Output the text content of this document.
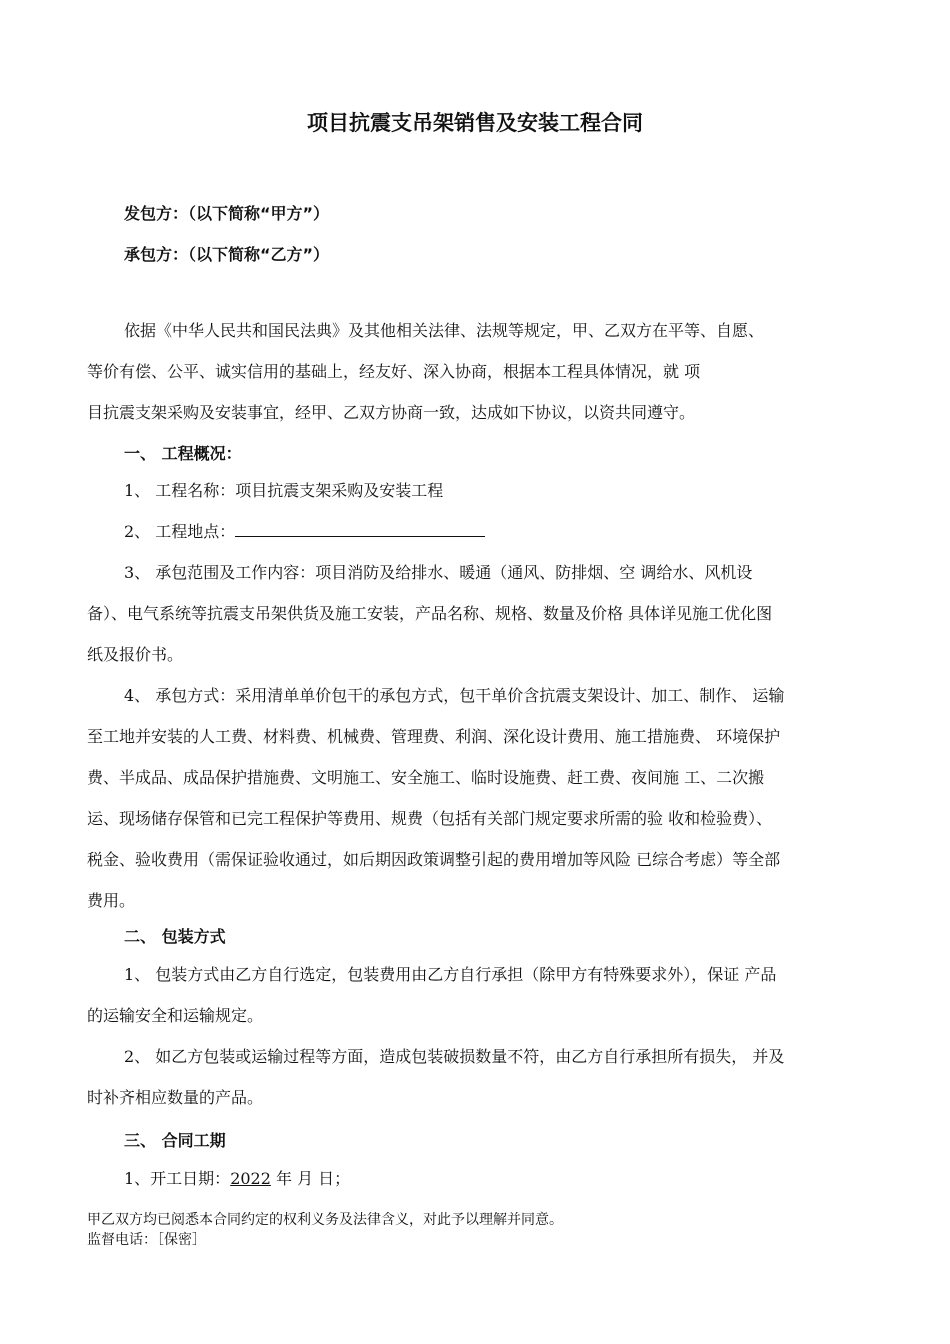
项目抗震支吊架销售及安装工程合同
发包方：（以下简称“甲方”）
承包方：（以下简称“乙方”）
依据《中华人民共和国民法典》及其他相关法律、法规等规定，甲、乙双方在平等、自愿、
等价有偿、公平、诚实信用的基础上，经友好、深入协商，根据本工程具体情况，就 项
目抗震支架采购及安装事宜，经甲、乙双方协商一致，达成如下协议，以资共同遵守。
一、 工程概况：
1、 工程名称：项目抗震支架采购及安装工程
2、 工程地点：
3、 承包范围及工作内容：项目消防及给排水、暖通（通风、防排烟、空 调给水、风机设
备）、电气系统等抗震支吊架供货及施工安装，产品名称、规格、数量及价格 具体详见施工优化图
纸及报价书。
4、 承包方式：采用清单单价包干的承包方式，包干单价含抗震支架设计、加工、制作、 运输
至工地并安装的人工费、材料费、机械费、管理费、利润、深化设计费用、施工措施费、 环境保护
费、半成品、成品保护措施费、文明施工、安全施工、临时设施费、赶工费、夜间施 工、二次搬
运、现场储存保管和已完工程保护等费用、规费（包括有关部门规定要求所需的验 收和检验费）、
税金、验收费用（需保证验收通过，如后期因政策调整引起的费用增加等风险 已综合考虑）等全部
费用。
二、 包装方式
1、 包装方式由乙方自行选定，包装费用由乙方自行承担（除甲方有特殊要求外），保证 产品
的运输安全和运输规定。
2、 如乙方包装或运输过程等方面，造成包装破损数量不符，由乙方自行承担所有损失， 并及
时补齐相应数量的产品。
三、 合同工期
1、开工日期：2022 年 月 日；
甲乙双方均已阅悉本合同约定的权利义务及法律含义，对此予以理解并同意。
监督电话：［保密］
